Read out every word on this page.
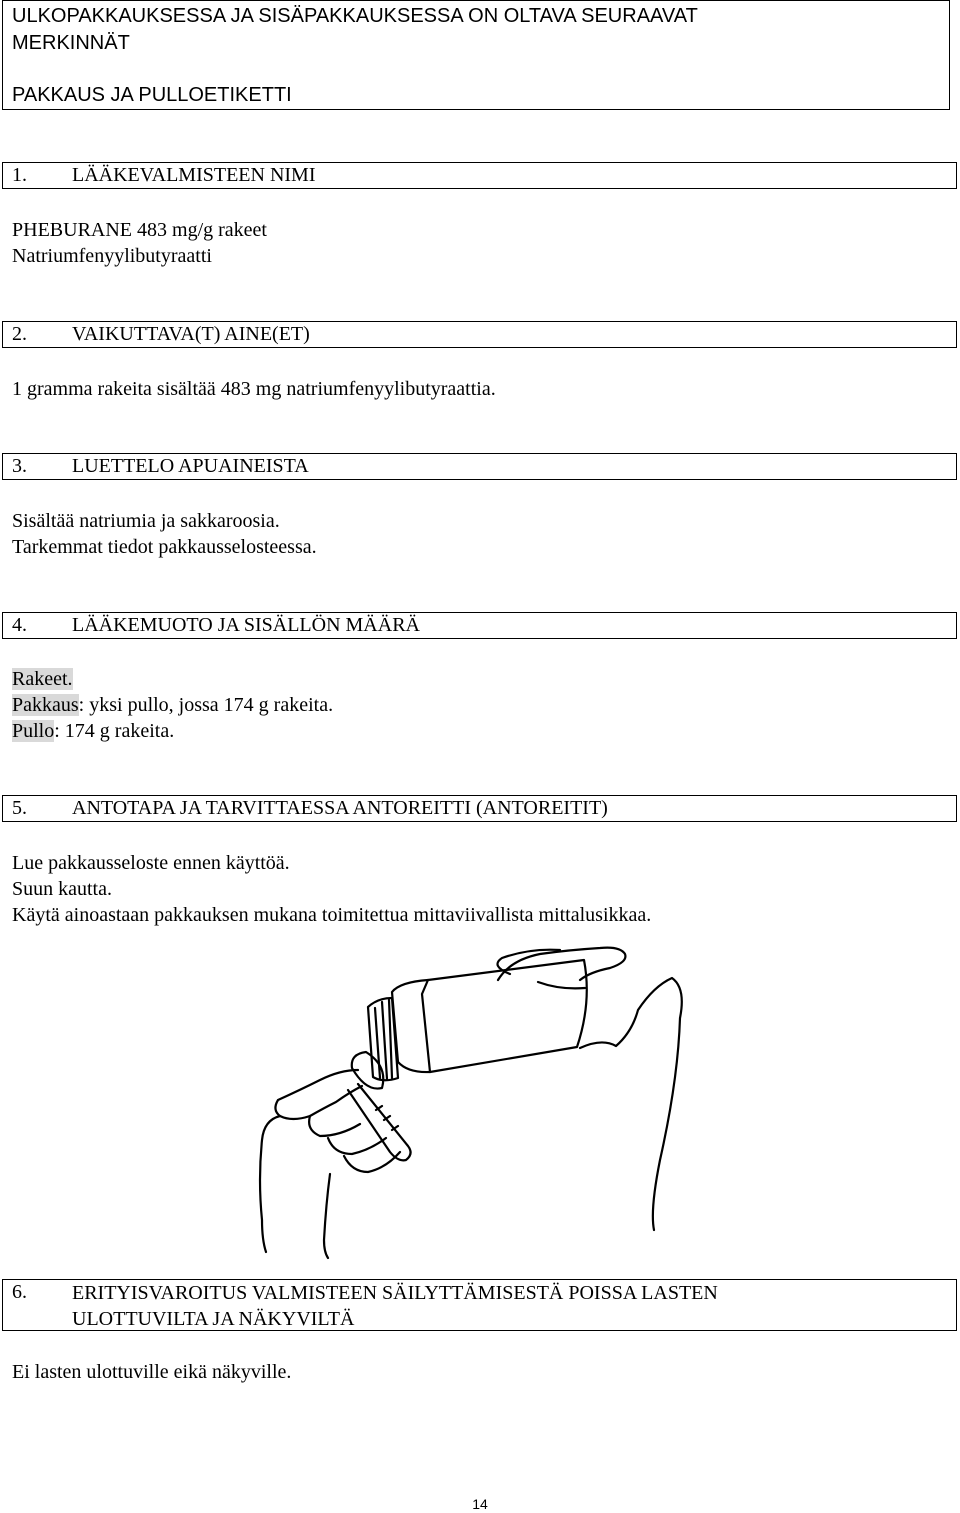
ULKOPAKKAUKSESSA JA SISÄPAKKAUKSESSA ON OLTAVA SEURAAVAT
MERKINNÄT
PAKKAUS JA PULLOETIKETTI
1. LÄÄKEVALMISTEEN NIMI
PHEBURANE 483 mg/g rakeet
Natriumfenyylibutyraatti
2. VAIKUTTAVA(T) AINE(ET)
1 gramma rakeita sisältää 483 mg natriumfenyylibutyraattia.
3. LUETTELO APUAINEISTA
Sisältää natriumia ja sakkaroosia.
Tarkemmat tiedot pakkausselosteessa.
4. LÄÄKEMUOTO JA SISÄLLÖN MÄÄRÄ
Rakeet.
Pakkaus: yksi pullo, jossa 174 g rakeita.
Pullo: 174 g rakeita.
5. ANTOTAPA JA TARVITTAESSA ANTOREITTI (ANTOREITIT)
Lue pakkausseloste ennen käyttöä.
Suun kautta.
Käytä ainoastaan pakkauksen mukana toimitettua mittaviivallista mittalusikkaa.
6. ERITYISVAROITUS VALMISTEEN SÄILYTTÄMISESTÄ POISSA LASTEN
ULOTTUVILTA JA NÄKYVILTÄ
Ei lasten ulottuville eikä näkyville.
14
